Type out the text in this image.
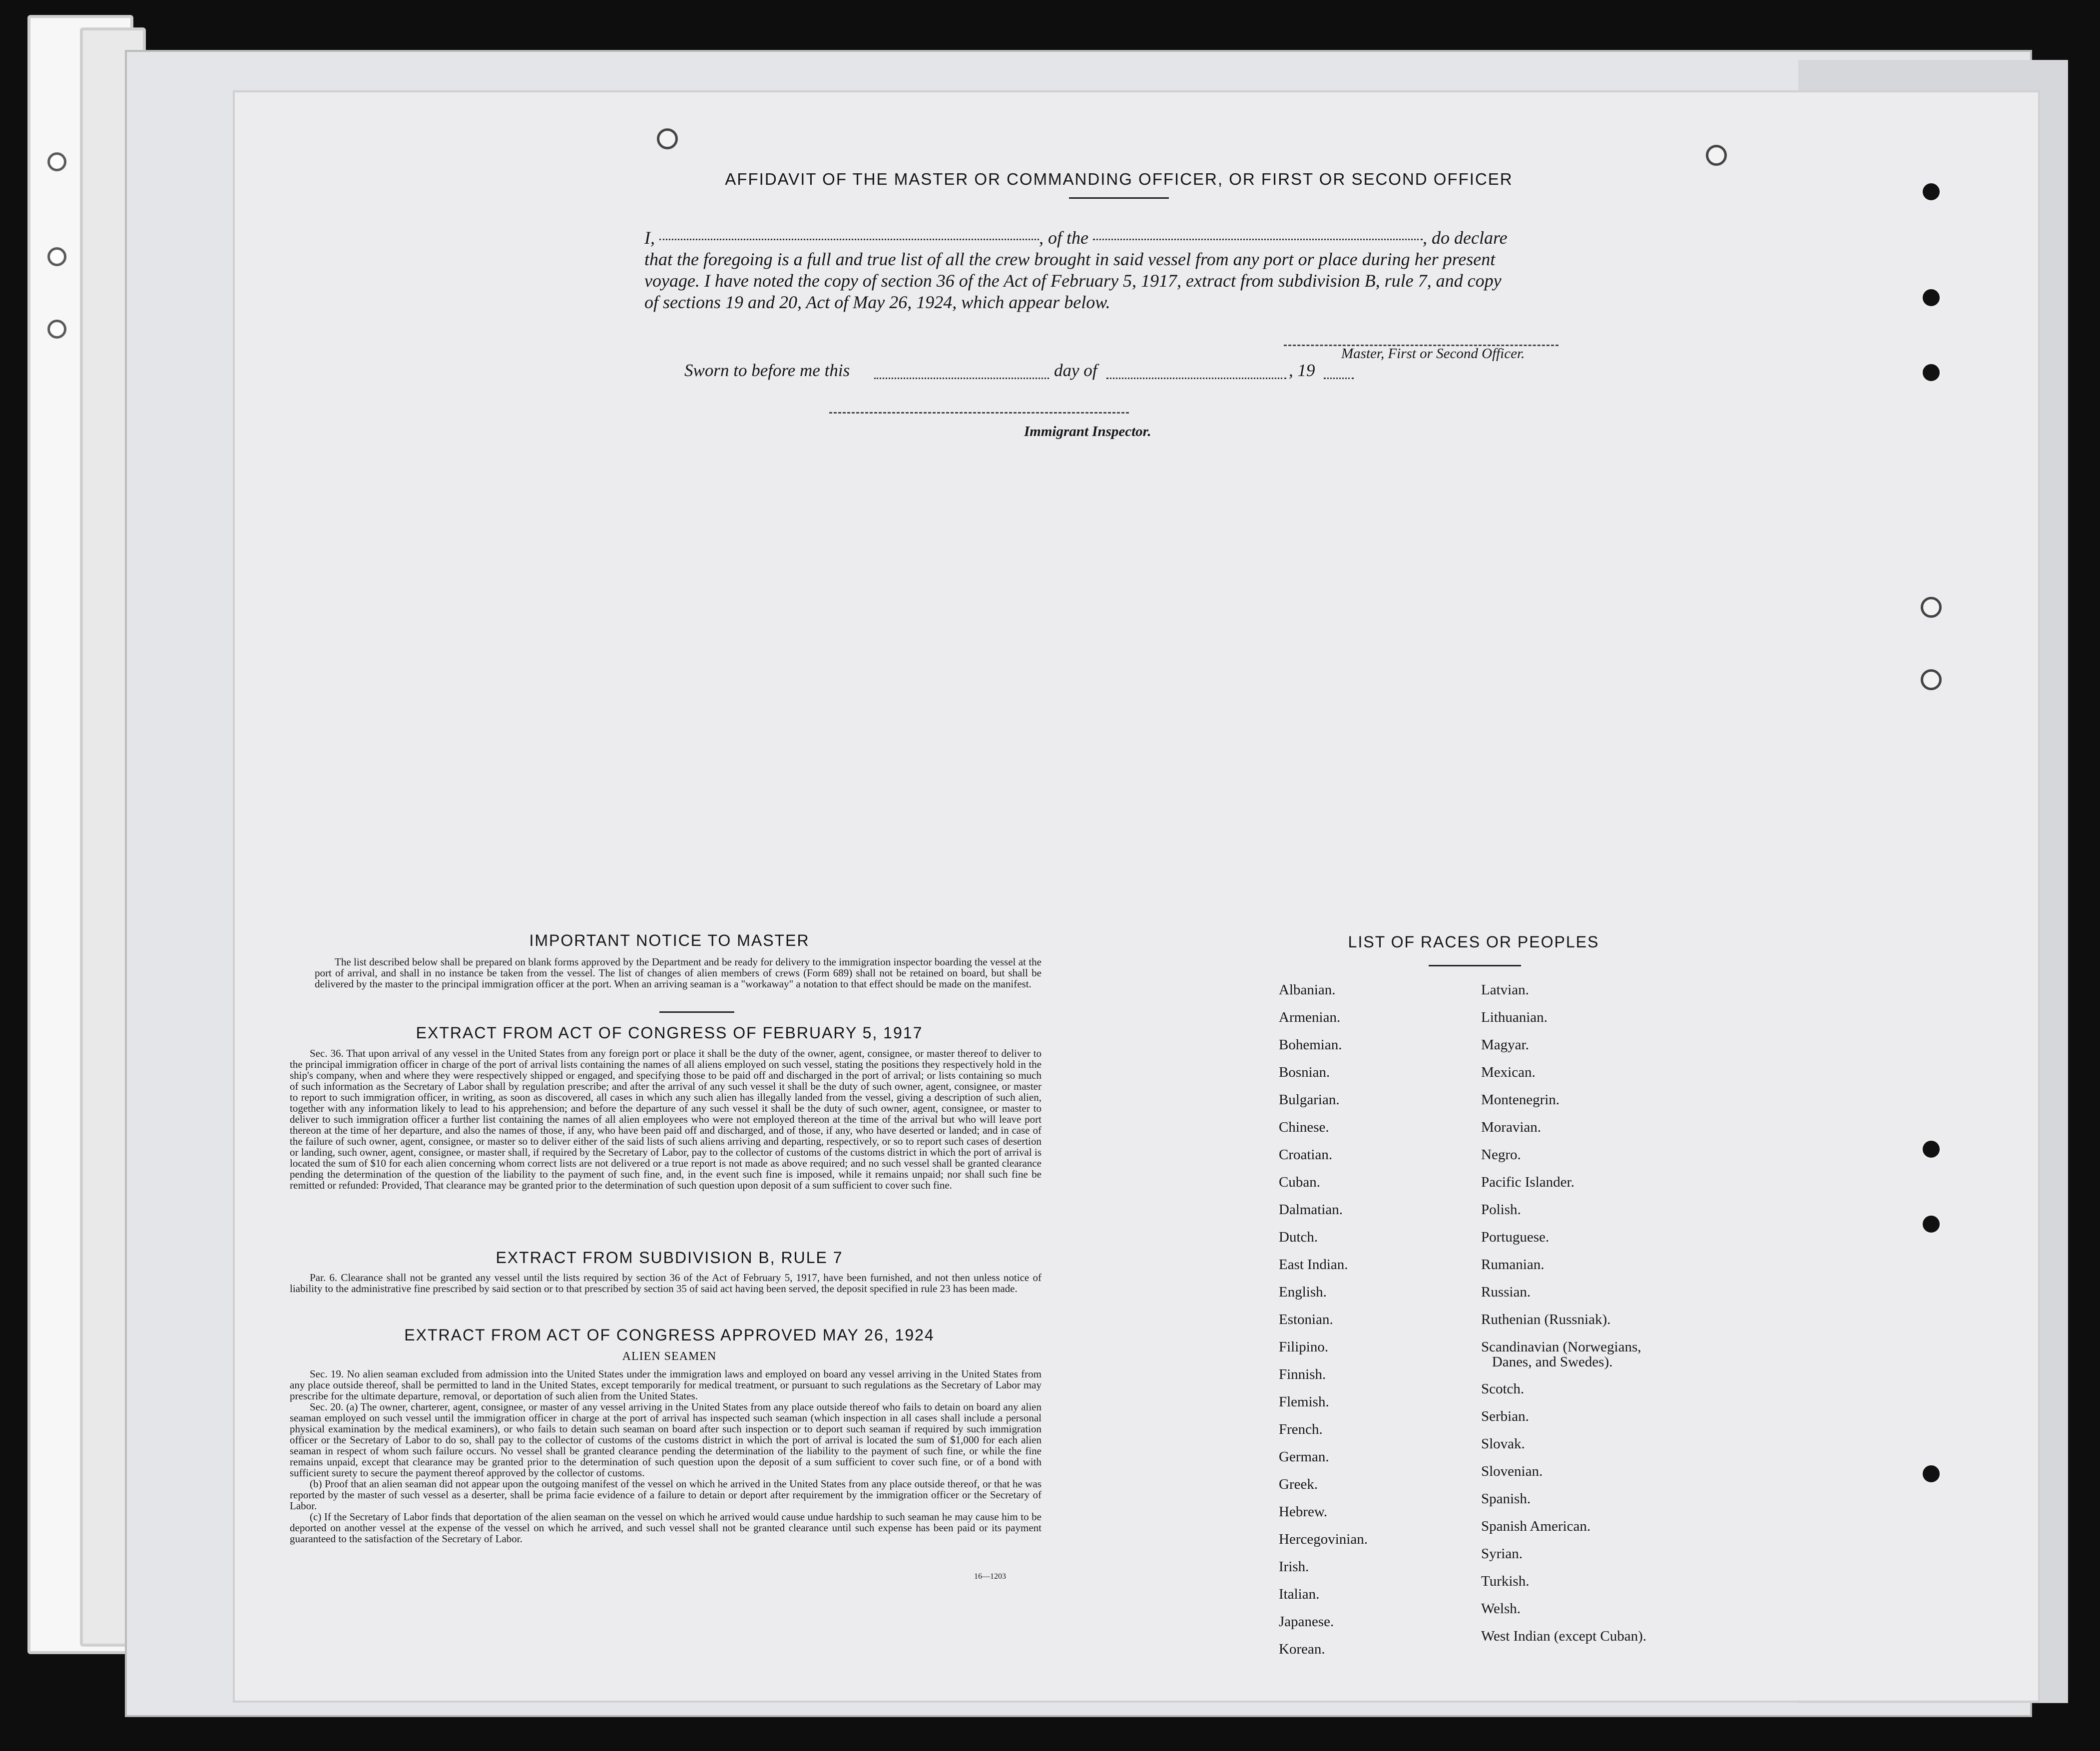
AFFIDAVIT OF THE MASTER OR COMMANDING OFFICER, OR FIRST OR SECOND OFFICER
I,	, of the	, do declare
that the foregoing is a full and true list of all the crew brought in said vessel from any port or place during her present
voyage. I have noted the copy of section 36 of the Act of February 5, 1917, extract from subdivision B, rule 7, and copy
of sections 19 and 20, Act of May 26, 1924, which appear below.
Master, First or Second Officer.
Sworn to before me this	day of	, 19
Immigrant Inspector.
IMPORTANT NOTICE TO MASTER

The list described below shall be prepared on blank forms approved by the Department and be ready for delivery to the immigration inspector boarding the vessel at the port of arrival, and shall in no instance be taken from the vessel. The list of changes of alien members of crews (Form 689) shall not be retained on board, but shall be delivered by the master to the principal immigration officer at the port. When an arriving seaman is a "workaway" a notation to that effect should be made on the manifest.

EXTRACT FROM ACT OF CONGRESS OF FEBRUARY 5, 1917

Sec. 36. That upon arrival of any vessel in the United States from any foreign port or place it shall be the duty of the owner, agent, consignee, or master thereof to deliver to the principal immigration officer in charge of the port of arrival lists containing the names of all aliens employed on such vessel, stating the positions they respectively hold in the ship's company, when and where they were respectively shipped or engaged, and specifying those to be paid off and discharged in the port of arrival; or lists containing so much of such information as the Secretary of Labor shall by regulation prescribe; and after the arrival of any such vessel it shall be the duty of such owner, agent, consignee, or master to report to such immigration officer, in writing, as soon as discovered, all cases in which any such alien has illegally landed from the vessel, giving a description of such alien, together with any information likely to lead to his apprehension; and before the departure of any such vessel it shall be the duty of such owner, agent, consignee, or master to deliver to such immigration officer a further list containing the names of all alien employees who were not employed thereon at the time of the arrival but who will leave port thereon at the time of her departure, and also the names of those, if any, who have been paid off and discharged, and of those, if any, who have deserted or landed; and in case of the failure of such owner, agent, consignee, or master so to deliver either of the said lists of such aliens arriving and departing, respectively, or so to report such cases of desertion or landing, such owner, agent, consignee, or master shall, if required by the Secretary of Labor, pay to the collector of customs of the customs district in which the port of arrival is located the sum of $10 for each alien concerning whom correct lists are not delivered or a true report is not made as above required; and no such vessel shall be granted clearance pending the determination of the question of the liability to the payment of such fine, and, in the event such fine is imposed, while it remains unpaid; nor shall such fine be remitted or refunded: Provided, That clearance may be granted prior to the determination of such question upon deposit of a sum sufficient to cover such fine.

EXTRACT FROM SUBDIVISION B, RULE 7

Par. 6. Clearance shall not be granted any vessel until the lists required by section 36 of the Act of February 5, 1917, have been furnished, and not then unless notice of liability to the administrative fine prescribed by said section or to that prescribed by section 35 of said act having been served, the deposit specified in rule 23 has been made.

EXTRACT FROM ACT OF CONGRESS APPROVED MAY 26, 1924
ALIEN SEAMEN

Sec. 19. No alien seaman excluded from admission into the United States under the immigration laws and employed on board any vessel arriving in the United States from any place outside thereof, shall be permitted to land in the United States, except temporarily for medical treatment, or pursuant to such regulations as the Secretary of Labor may prescribe for the ultimate departure, removal, or deportation of such alien from the United States.

Sec. 20. (a) The owner, charterer, agent, consignee, or master of any vessel arriving in the United States from any place outside thereof who fails to detain on board any alien seaman employed on such vessel until the immigration officer in charge at the port of arrival has inspected such seaman (which inspection in all cases shall include a personal physical examination by the medical examiners), or who fails to detain such seaman on board after such inspection or to deport such seaman if required by such immigration officer or the Secretary of Labor to do so, shall pay to the collector of customs of the customs district in which the port of arrival is located the sum of $1,000 for each alien seaman in respect of whom such failure occurs. No vessel shall be granted clearance pending the determination of the liability to the payment of such fine, or while the fine remains unpaid, except that clearance may be granted prior to the determination of such question upon the deposit of a sum sufficient to cover such fine, or of a bond with sufficient surety to secure the payment thereof approved by the collector of customs.

(b) Proof that an alien seaman did not appear upon the outgoing manifest of the vessel on which he arrived in the United States from any place outside thereof, or that he was reported by the master of such vessel as a deserter, shall be prima facie evidence of a failure to detain or deport after requirement by the immigration officer or the Secretary of Labor.

(c) If the Secretary of Labor finds that deportation of the alien seaman on the vessel on which he arrived would cause undue hardship to such seaman he may cause him to be deported on another vessel at the expense of the vessel on which he arrived, and such vessel shall not be granted clearance until such expense has been paid or its payment guaranteed to the satisfaction of the Secretary of Labor.

16—1203
LIST OF RACES OR PEOPLES
Albanian.
Armenian.
Bohemian.
Bosnian.
Bulgarian.
Chinese.
Croatian.
Cuban.
Dalmatian.
Dutch.
East Indian.
English.
Estonian.
Filipino.
Finnish.
Flemish.
French.
German.
Greek.
Hebrew.
Hercegovinian.
Irish.
Italian.
Japanese.
Korean.
Latvian.
Lithuanian.
Magyar.
Mexican.
Montenegrin.
Moravian.
Negro.
Pacific Islander.
Polish.
Portuguese.
Rumanian.
Russian.
Ruthenian (Russniak).
Scandinavian (Norwegians,
Danes, and Swedes).
Scotch.
Serbian.
Slovak.
Slovenian.
Spanish.
Spanish American.
Syrian.
Turkish.
Welsh.
West Indian (except Cuban).
